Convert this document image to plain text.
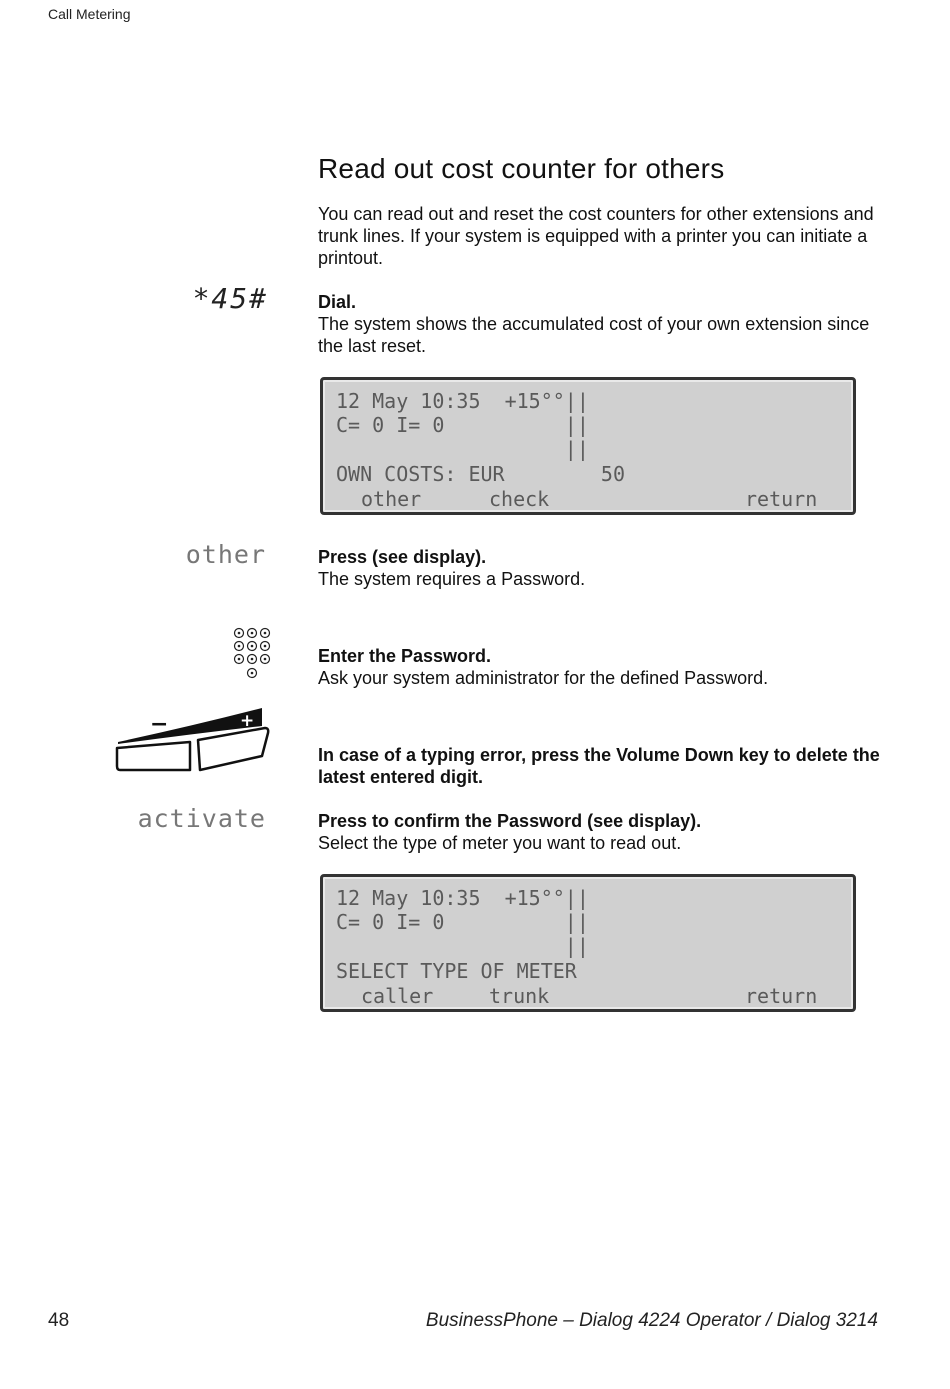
Call Metering
Read out cost counter for others

You can read out and reset the cost counters for other extensions and trunk lines. If your system is equipped with a printer you can initiate a printout.

*45#	Dial.
The system shows the accumulated cost of your own extension since the last reset.
12 May 10:35  +15°°||
C= 0 I= 0          ||
||
OWN COSTS: EUR        50
other	check	return
other	Press (see display).
The system requires a Password.
Enter the Password.
Ask your system administrator for the defined Password.
−	+
In case of a typing error, press the Volume Down key to delete the latest entered digit.
activate	Press to confirm the Password (see display).
Select the type of meter you want to read out.
12 May 10:35  +15°°||
C= 0 I= 0          ||
||
SELECT TYPE OF METER
caller	trunk	return
48	BusinessPhone – Dialog 4224 Operator / Dialog 3214
